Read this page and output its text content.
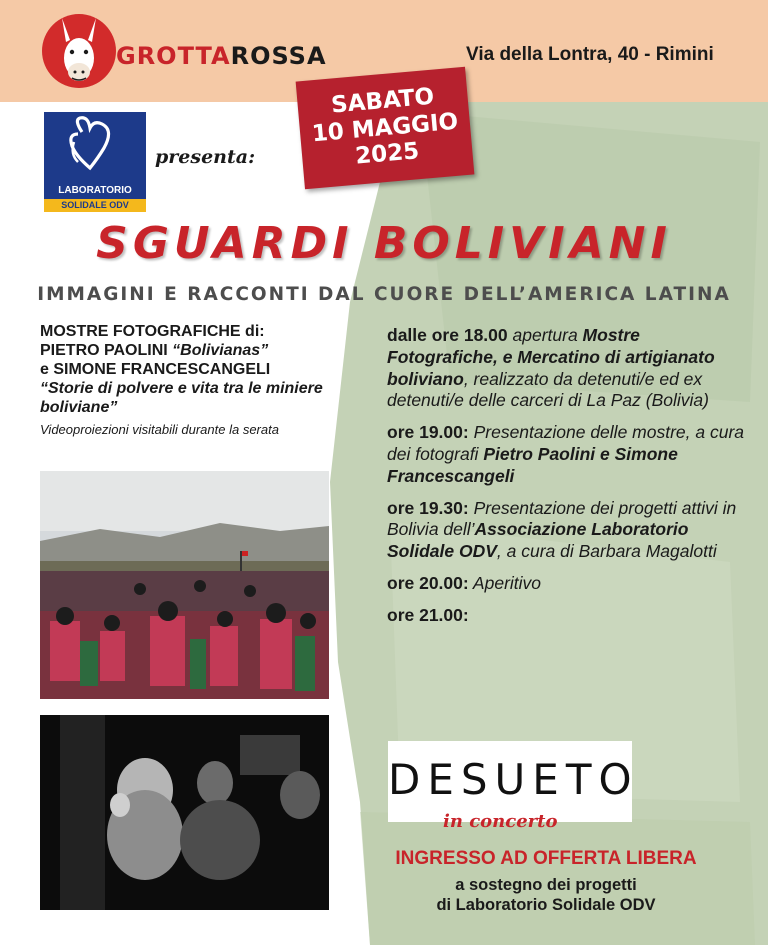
GROTTAROSSA	Via della Lontra, 40 - Rimini
SABATO
10 MAGGIO
2025
LABORATORIO
SOLIDALE ODV
presenta:
SGUARDI BOLIVIANI
IMMAGINI E RACCONTI DAL CUORE DELL’AMERICA LATINA
MOSTRE FOTOGRAFICHE di:
PIETRO PAOLINI “Bolivianas”
e SIMONE FRANCESCANGELI
“Storie di polvere e vita tra le miniere boliviane”
Videoproiezioni visitabili durante la serata

dalle ore 18.00 apertura Mostre Fotografiche, e Mercatino di artigianato boliviano, realizzato da detenuti/e ed ex detenuti/e delle carceri di La Paz (Bolivia)

ore 19.00: Presentazione delle mostre, a cura dei fotografi Pietro Paolini e Simone Francescangeli

ore 19.30: Presentazione dei progetti attivi in Bolivia dell’Associazione Laboratorio Solidale ODV, a cura di Barbara Magalotti

ore 20.00: Aperitivo

ore 21.00:

DESUETO
in concerto
INGRESSO AD OFFERTA LIBERA
a sostegno dei progetti
di Laboratorio Solidale ODV
